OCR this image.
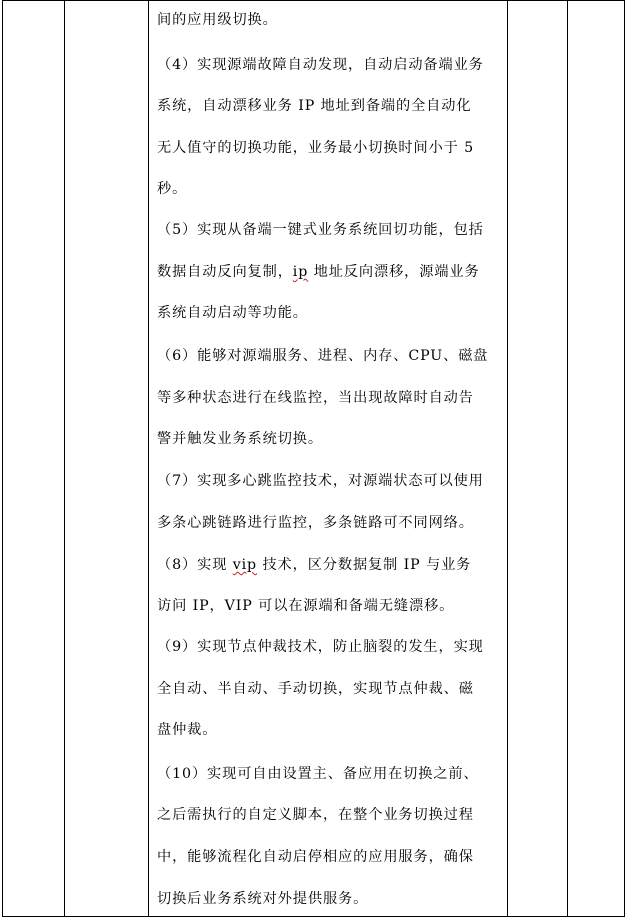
间的应用级切换。
（4）实现源端故障自动发现，自动启动备端业务
系统，自动漂移业务 IP 地址到备端的全自动化
无人值守的切换功能，业务最小切换时间小于 5
秒。
（5）实现从备端一键式业务系统回切功能，包括
数据自动反向复制，ip 地址反向漂移，源端业务
系统自动启动等功能。
（6）能够对源端服务、进程、内存、CPU、磁盘
等多种状态进行在线监控，当出现故障时自动告
警并触发业务系统切换。
（7）实现多心跳监控技术，对源端状态可以使用
多条心跳链路进行监控，多条链路可不同网络。
（8）实现 vip 技术，区分数据复制 IP 与业务
访问 IP，VIP 可以在源端和备端无缝漂移。
（9）实现节点仲裁技术，防止脑裂的发生，实现
全自动、半自动、手动切换，实现节点仲裁、磁
盘仲裁。
（10）实现可自由设置主、备应用在切换之前、
之后需执行的自定义脚本，在整个业务切换过程
中，能够流程化自动启停相应的应用服务，确保
切换后业务系统对外提供服务。
